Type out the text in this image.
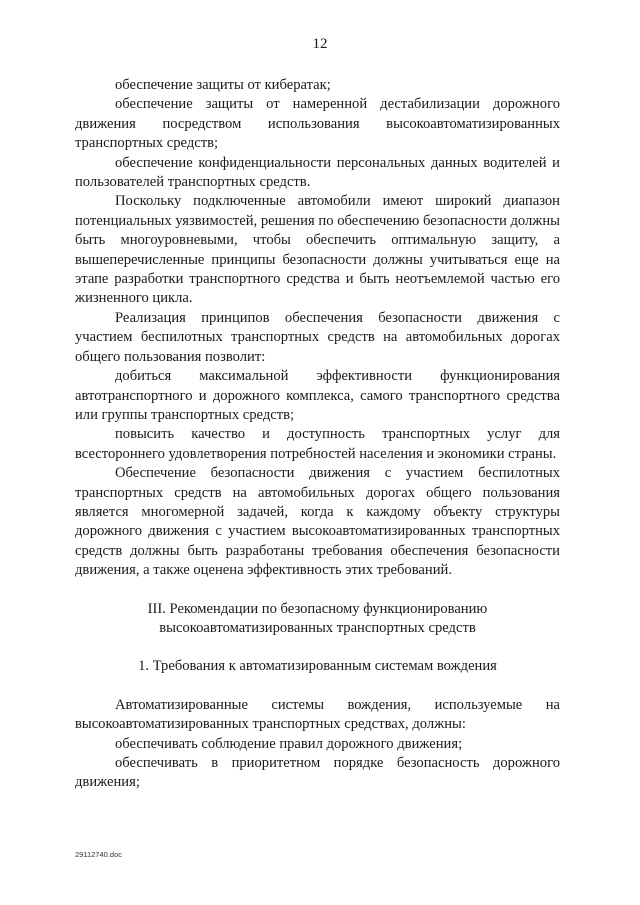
12

обеспечение защиты от кибератак;

обеспечение защиты от намеренной дестабилизации дорожного движения посредством использования высокоавтоматизированных транспортных средств;

обеспечение конфиденциальности персональных данных водителей и пользователей транспортных средств.

Поскольку подключенные автомобили имеют широкий диапазон потенциальных уязвимостей, решения по обеспечению безопасности должны быть многоуровневыми, чтобы обеспечить оптимальную защиту, а вышеперечисленные принципы безопасности должны учитываться еще на этапе разработки транспортного средства и быть неотъемлемой частью его жизненного цикла.

Реализация принципов обеспечения безопасности движения с участием беспилотных транспортных средств на автомобильных дорогах общего пользования позволит:

добиться максимальной эффективности функционирования автотранспортного и дорожного комплекса, самого транспортного средства или группы транспортных средств;

повысить качество и доступность транспортных услуг для всестороннего удовлетворения потребностей населения и экономики страны.

Обеспечение безопасности движения с участием беспилотных транспортных средств на автомобильных дорогах общего пользования является многомерной задачей, когда к каждому объекту структуры дорожного движения с участием высокоавтоматизированных транспортных средств должны быть разработаны требования обеспечения безопасности движения, а также оценена эффективность этих требований.

III. Рекомендации по безопасному функционированию

высокоавтоматизированных транспортных средств

1. Требования к автоматизированным системам вождения

Автоматизированные системы вождения, используемые на высокоавтоматизированных транспортных средствах, должны:

обеспечивать соблюдение правил дорожного движения;

обеспечивать в приоритетном порядке безопасность дорожного движения;

29112740.doc
